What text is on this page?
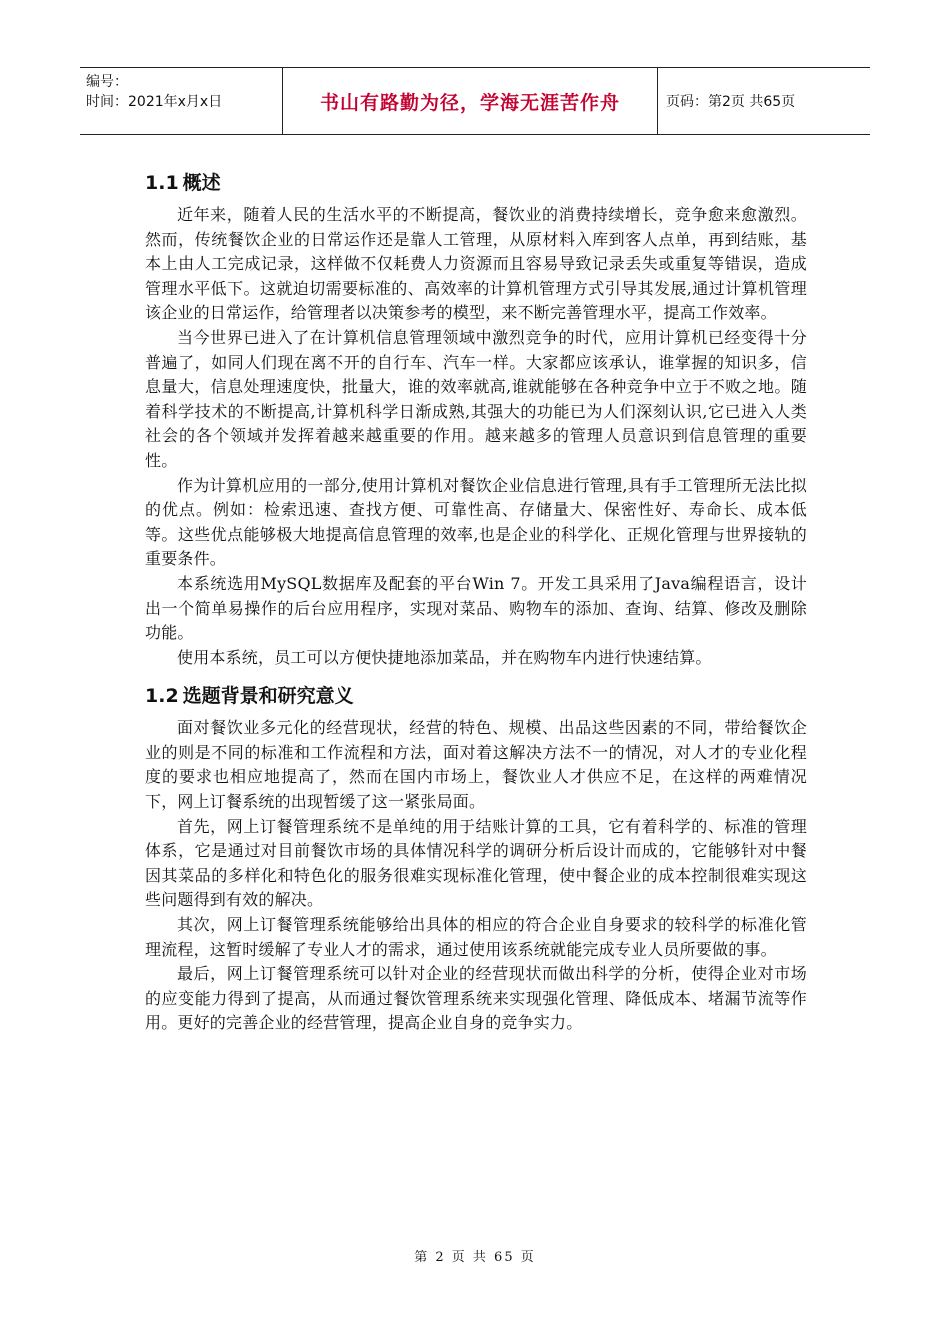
编号：
时间：2021年x月x日	书山有路勤为径，学海无涯苦作舟	页码：第2页 共65页
1.1 概述

近年来，随着人民的生活水平的不断提高，餐饮业的消费持续增长，竞争愈来愈激烈。然而，传统餐饮企业的日常运作还是靠人工管理，从原材料入库到客人点单，再到结账，基本上由人工完成记录，这样做不仅耗费人力资源而且容易导致记录丢失或重复等错误，造成管理水平低下。这就迫切需要标准的、高效率的计算机管理方式引导其发展,通过计算机管理该企业的日常运作，给管理者以决策参考的模型，来不断完善管理水平，提高工作效率。

当今世界已进入了在计算机信息管理领域中激烈竞争的时代，应用计算机已经变得十分普遍了，如同人们现在离不开的自行车、汽车一样。大家都应该承认，谁掌握的知识多，信息量大，信息处理速度快，批量大，谁的效率就高,谁就能够在各种竞争中立于不败之地。随着科学技术的不断提高,计算机科学日渐成熟,其强大的功能已为人们深刻认识,它已进入人类社会的各个领域并发挥着越来越重要的作用。越来越多的管理人员意识到信息管理的重要性。

作为计算机应用的一部分,使用计算机对餐饮企业信息进行管理,具有手工管理所无法比拟的优点。例如：检索迅速、查找方便、可靠性高、存储量大、保密性好、寿命长、成本低等。这些优点能够极大地提高信息管理的效率,也是企业的科学化、正规化管理与世界接轨的重要条件。

本系统选用MySQL数据库及配套的平台Win 7。开发工具采用了Java编程语言，设计出一个简单易操作的后台应用程序，实现对菜品、购物车的添加、查询、结算、修改及删除功能。

使用本系统，员工可以方便快捷地添加菜品，并在购物车内进行快速结算。

1.2 选题背景和研究意义

面对餐饮业多元化的经营现状，经营的特色、规模、出品这些因素的不同，带给餐饮企业的则是不同的标准和工作流程和方法，面对着这解决方法不一的情况，对人才的专业化程度的要求也相应地提高了，然而在国内市场上，餐饮业人才供应不足，在这样的两难情况下，网上订餐系统的出现暂缓了这一紧张局面。

首先，网上订餐管理系统不是单纯的用于结账计算的工具，它有着科学的、标准的管理体系，它是通过对目前餐饮市场的具体情况科学的调研分析后设计而成的，它能够针对中餐因其菜品的多样化和特色化的服务很难实现标准化管理，使中餐企业的成本控制很难实现这些问题得到有效的解决。

其次，网上订餐管理系统能够给出具体的相应的符合企业自身要求的较科学的标准化管理流程，这暂时缓解了专业人才的需求，通过使用该系统就能完成专业人员所要做的事。

最后，网上订餐管理系统可以针对企业的经营现状而做出科学的分析，使得企业对市场的应变能力得到了提高，从而通过餐饮管理系统来实现强化管理、降低成本、堵漏节流等作用。更好的完善企业的经营管理，提高企业自身的竞争实力。

第 2 页 共 65 页
